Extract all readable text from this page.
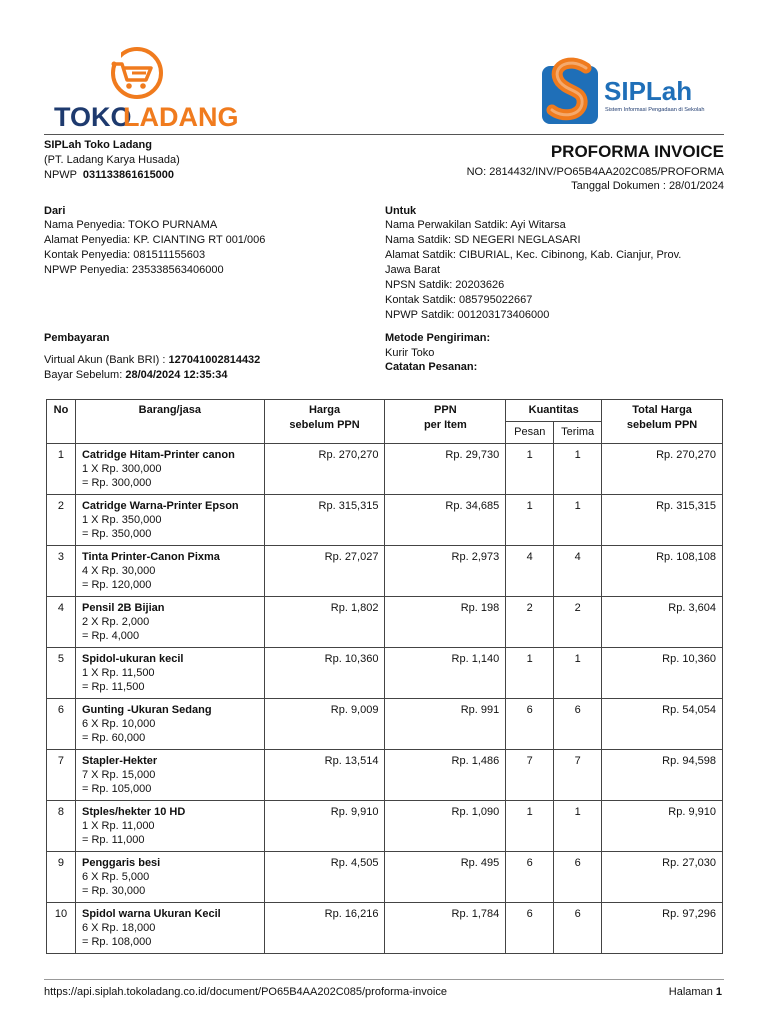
TOKO
LADANG
SIPLah
Sistem Informasi Pengadaan di Sekolah
SIPLah Toko Ladang
(PT. Ladang Karya Husada)
NPWP 031133861615000
PROFORMA INVOICE
NO: 2814432/INV/PO65B4AA202C085/PROFORMA
Tanggal Dokumen : 28/01/2024
Dari
Nama Penyedia: TOKO PURNAMA
Alamat Penyedia: KP. CIANTING RT 001/006
Kontak Penyedia: 081511155603
NPWP Penyedia: 235338563406000
Untuk
Nama Perwakilan Satdik: Ayi Witarsa
Nama Satdik: SD NEGERI NEGLASARI
Alamat Satdik: CIBURIAL, Kec. Cibinong, Kab. Cianjur, Prov.
Jawa Barat
NPSN Satdik: 20203626
Kontak Satdik: 085795022667
NPWP Satdik: 001203173406000
Pembayaran
Virtual Akun (Bank BRI) : 127041002814432
Bayar Sebelum: 28/04/2024 12:35:34
Metode Pengiriman:
Kurir Toko
Catatan Pesanan:
No	Barang/jasa	Harga
sebelum PPN	PPN
per Item	Kuantitas		Total Harga
sebelum PPN
				Pesan	Terima	
1	Catridge Hitam-Printer canon
1 X Rp. 300,000
= Rp. 300,000	Rp. 270,270	Rp. 29,730	1	1	Rp. 270,270
2	Catridge Warna-Printer Epson
1 X Rp. 350,000
= Rp. 350,000	Rp. 315,315	Rp. 34,685	1	1	Rp. 315,315
3	Tinta Printer-Canon Pixma
4 X Rp. 30,000
= Rp. 120,000	Rp. 27,027	Rp. 2,973	4	4	Rp. 108,108
4	Pensil 2B Bijian
2 X Rp. 2,000
= Rp. 4,000	Rp. 1,802	Rp. 198	2	2	Rp. 3,604
5	Spidol-ukuran kecil
1 X Rp. 11,500
= Rp. 11,500	Rp. 10,360	Rp. 1,140	1	1	Rp. 10,360
6	Gunting -Ukuran Sedang
6 X Rp. 10,000
= Rp. 60,000	Rp. 9,009	Rp. 991	6	6	Rp. 54,054
7	Stapler-Hekter
7 X Rp. 15,000
= Rp. 105,000	Rp. 13,514	Rp. 1,486	7	7	Rp. 94,598
8	Stples/hekter 10 HD
1 X Rp. 11,000
= Rp. 11,000	Rp. 9,910	Rp. 1,090	1	1	Rp. 9,910
9	Penggaris besi
6 X Rp. 5,000
= Rp. 30,000	Rp. 4,505	Rp. 495	6	6	Rp. 27,030
10	Spidol warna Ukuran Kecil
6 X Rp. 18,000
= Rp. 108,000	Rp. 16,216	Rp. 1,784	6	6	Rp. 97,296
https://api.siplah.tokoladang.co.id/document/PO65B4AA202C085/proforma-invoice	Halaman 1
